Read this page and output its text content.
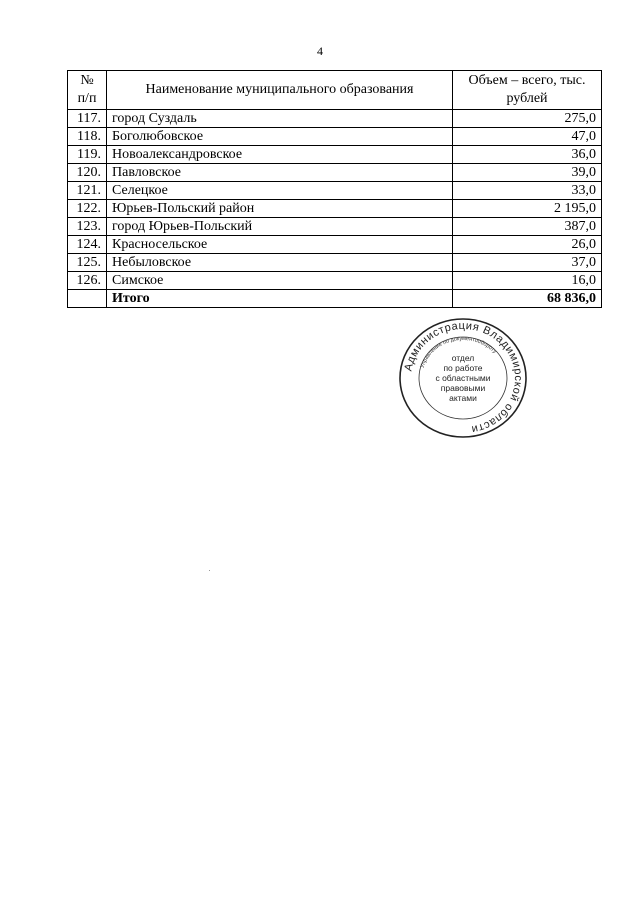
4
№ п/п	Наименование муниципального образования	Объем – всего, тыс. рублей
117.	город Суздаль	275,0
118.	Боголюбовское	47,0
119.	Новоалександровское	36,0
120.	Павловское	39,0
121.	Селецкое	33,0
122.	Юрьев-Польский район	2 195,0
123.	город Юрьев-Польский	387,0
124.	Красносельское	26,0
125.	Небыловское	37,0
126.	Симское	16,0
	Итого	68 836,0
Администрация Владимирской области
Управление по документообороту
отдел
по работе
с областными
правовыми
актами
